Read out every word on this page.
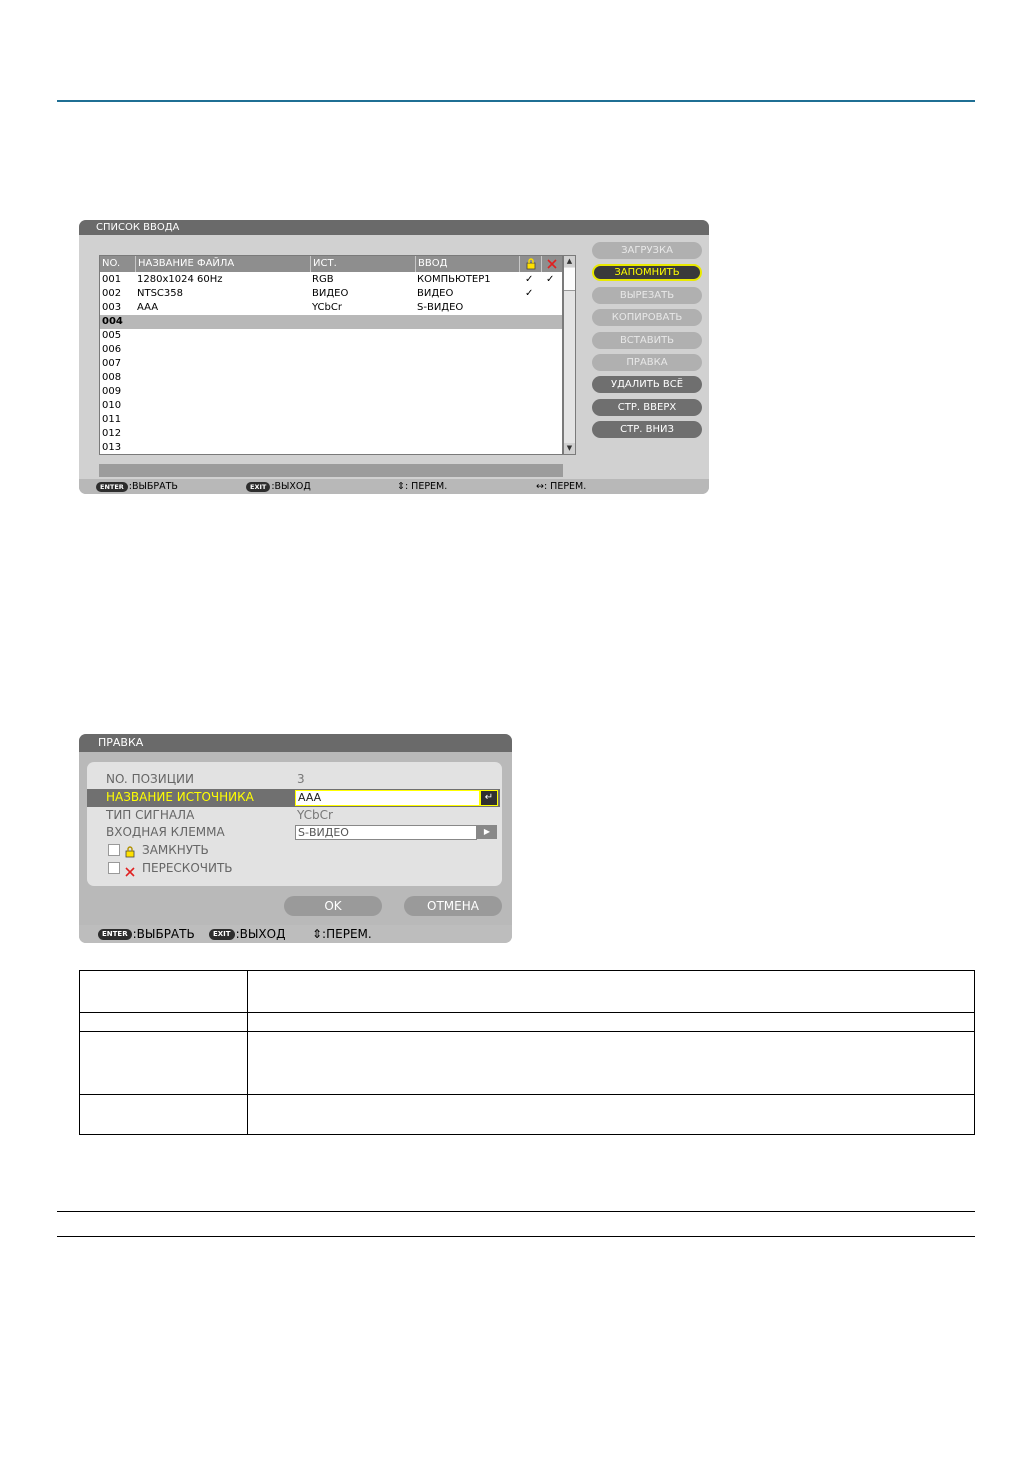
СПИСОК ВВОДА
NO.	НАЗВАНИЕ ФАЙЛА	ИСТ.	ВВОД
001 1280x1024 60Hz	RGB	КОМПЬЮТЕР1	✓ ✓
002 NTSC358	ВИДЕО	ВИДЕО	✓
003 AAA	YCbCr	S-ВИДЕО
004
005
006
007
008
009
010
011
012
013
▲
▼
ЗАГРУЗКА
ЗАПОМНИТЬ
ВЫРЕЗАТЬ
КОПИРОВАТЬ
ВСТАВИТЬ
ПРАВКА
УДАЛИТЬ ВСЁ
СТР. ВВЕРХ
СТР. ВНИЗ
ENTER :ВЫБРАТЬ	EXIT :ВЫХОД	⇕: ПЕРЕМ.	↔: ПЕРЕМ.
ПРАВКА
NO. ПОЗИЦИИ	3
НАЗВАНИЕ ИСТОЧНИКА	AAA	↵
ТИП СИГНАЛА	YCbCr
ВХОДНАЯ КЛЕММА	S-ВИДЕО	▶
ЗАМКНУТЬ
ПЕРЕСКОЧИТЬ
OK	ОТМЕНА
ENTER :ВЫБРАТЬ	EXIT :ВЫХОД ⇕:ПЕРЕМ.
